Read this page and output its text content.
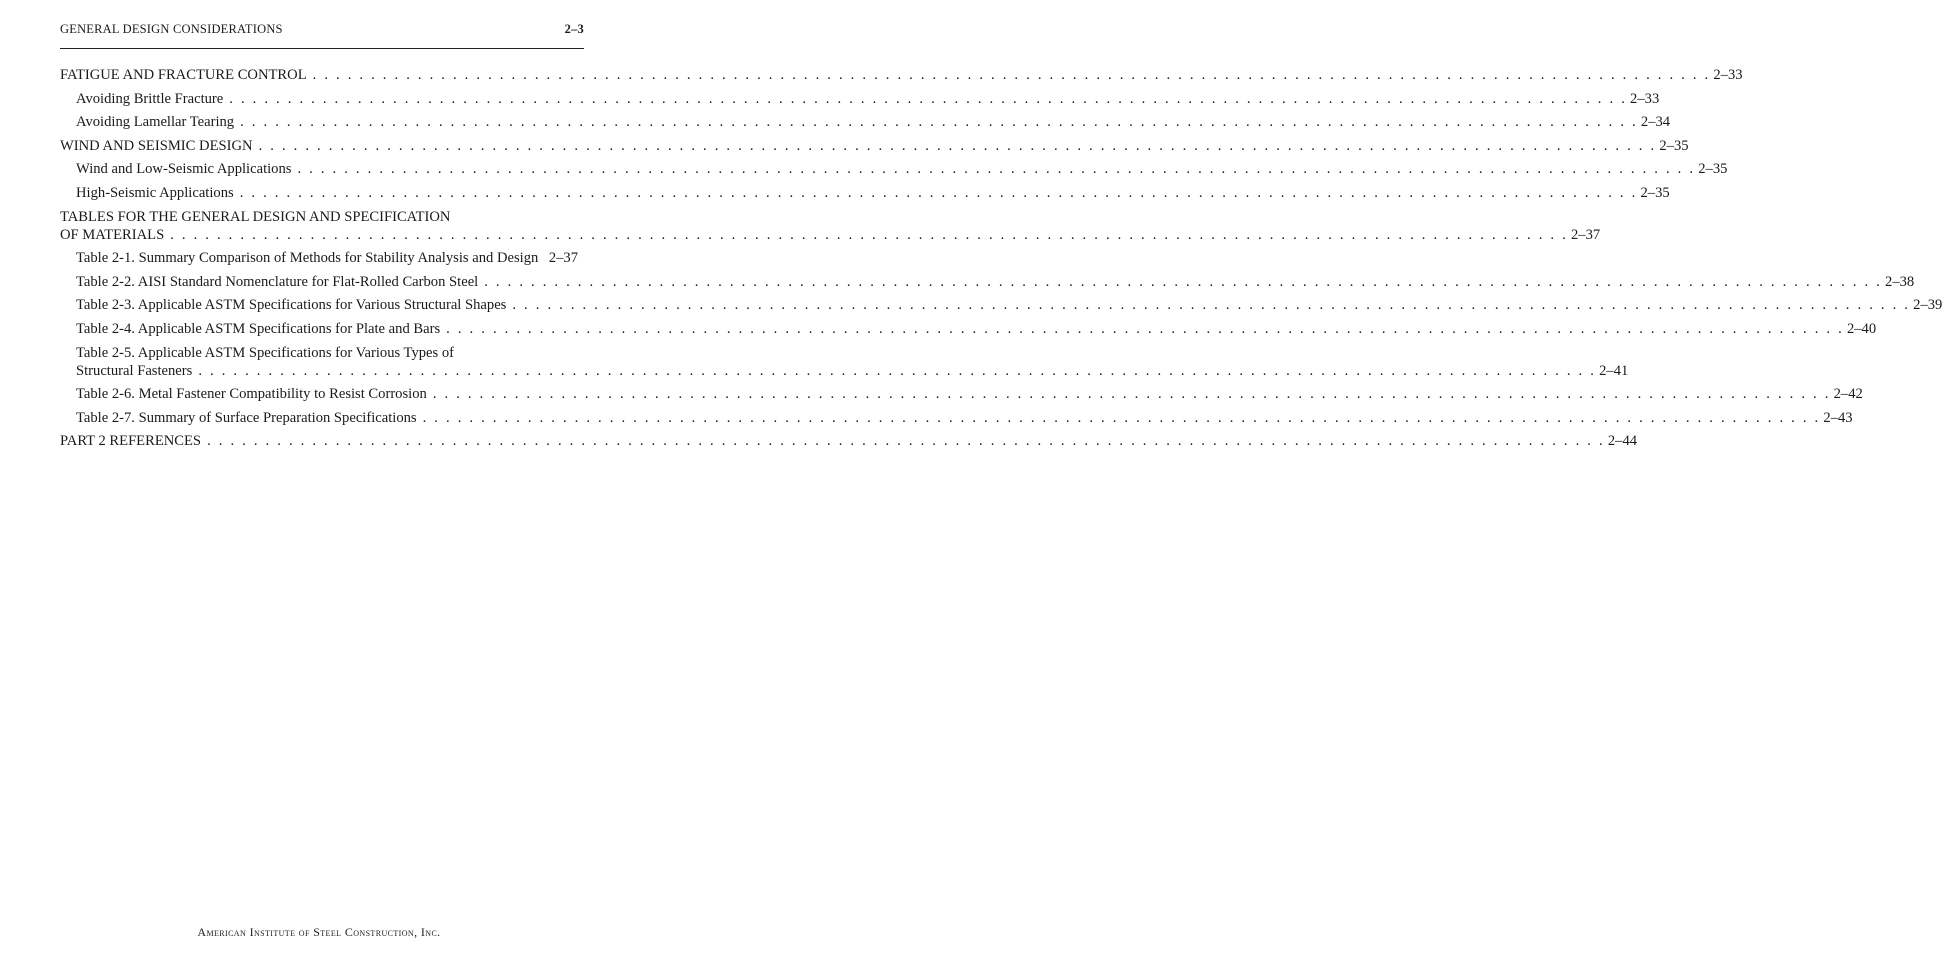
GENERAL DESIGN CONSIDERATIONS	2–3
FATIGUE AND FRACTURE CONTROL . . . . . . . . . . . . . . . . . . . . . . . . . . . . . . . . . . . . . . . . . . . . . . . . . . . . . . . . . . . . . . . . . . . . . . . . . . . . . . . . . . . . . . . . . . . . . . . . . . . . . . . . . . . . . . . . . . . . . . . . 2–33
Avoiding Brittle Fracture . . . . . . . . . . . . . . . . . . . . . . . . . . . . . . . . . . . . . . . . . . . . . . . . . . . . . . . . . . . . . . . . . . . . . . . . . . . . . . . . . . . . . . . . . . . . . . . . . . . . . . . . . . . . . . . . . . . . . . . . 2–33
Avoiding Lamellar Tearing . . . . . . . . . . . . . . . . . . . . . . . . . . . . . . . . . . . . . . . . . . . . . . . . . . . . . . . . . . . . . . . . . . . . . . . . . . . . . . . . . . . . . . . . . . . . . . . . . . . . . . . . . . . . . . . . . . . . . . . . 2–34
WIND AND SEISMIC DESIGN . . . . . . . . . . . . . . . . . . . . . . . . . . . . . . . . . . . . . . . . . . . . . . . . . . . . . . . . . . . . . . . . . . . . . . . . . . . . . . . . . . . . . . . . . . . . . . . . . . . . . . . . . . . . . . . . . . . . . . . . 2–35
Wind and Low-Seismic Applications . . . . . . . . . . . . . . . . . . . . . . . . . . . . . . . . . . . . . . . . . . . . . . . . . . . . . . . . . . . . . . . . . . . . . . . . . . . . . . . . . . . . . . . . . . . . . . . . . . . . . . . . . . . . . . . . . . . . . . . . 2–35
High-Seismic Applications . . . . . . . . . . . . . . . . . . . . . . . . . . . . . . . . . . . . . . . . . . . . . . . . . . . . . . . . . . . . . . . . . . . . . . . . . . . . . . . . . . . . . . . . . . . . . . . . . . . . . . . . . . . . . . . . . . . . . . . . 2–35
TABLES FOR THE GENERAL DESIGN AND SPECIFICATION
OF MATERIALS . . . . . . . . . . . . . . . . . . . . . . . . . . . . . . . . . . . . . . . . . . . . . . . . . . . . . . . . . . . . . . . . . . . . . . . . . . . . . . . . . . . . . . . . . . . . . . . . . . . . . . . . . . . . . . . . . . . . . . . . 2–37
Table 2-1. Summary Comparison of Methods for Stability Analysis and Design 2–37
Table 2-2. AISI Standard Nomenclature for Flat-Rolled Carbon Steel . . . . . . . . . . . . . . . . . . . . . . . . . . . . . . . . . . . . . . . . . . . . . . . . . . . . . . . . . . . . . . . . . . . . . . . . . . . . . . . . . . . . . . . . . . . . . . . . . . . . . . . . . . . . . . . . . . . . . . . . 2–38
Table 2-3. Applicable ASTM Specifications for Various Structural Shapes . . . . . . . . . . . . . . . . . . . . . . . . . . . . . . . . . . . . . . . . . . . . . . . . . . . . . . . . . . . . . . . . . . . . . . . . . . . . . . . . . . . . . . . . . . . . . . . . . . . . . . . . . . . . . . . . . . . . . . . . 2–39
Table 2-4. Applicable ASTM Specifications for Plate and Bars . . . . . . . . . . . . . . . . . . . . . . . . . . . . . . . . . . . . . . . . . . . . . . . . . . . . . . . . . . . . . . . . . . . . . . . . . . . . . . . . . . . . . . . . . . . . . . . . . . . . . . . . . . . . . . . . . . . . . . . . 2–40
Table 2-5. Applicable ASTM Specifications for Various Types of
Structural Fasteners . . . . . . . . . . . . . . . . . . . . . . . . . . . . . . . . . . . . . . . . . . . . . . . . . . . . . . . . . . . . . . . . . . . . . . . . . . . . . . . . . . . . . . . . . . . . . . . . . . . . . . . . . . . . . . . . . . . . . . . . 2–41
Table 2-6. Metal Fastener Compatibility to Resist Corrosion . . . . . . . . . . . . . . . . . . . . . . . . . . . . . . . . . . . . . . . . . . . . . . . . . . . . . . . . . . . . . . . . . . . . . . . . . . . . . . . . . . . . . . . . . . . . . . . . . . . . . . . . . . . . . . . . . . . . . . . . 2–42
Table 2-7. Summary of Surface Preparation Specifications . . . . . . . . . . . . . . . . . . . . . . . . . . . . . . . . . . . . . . . . . . . . . . . . . . . . . . . . . . . . . . . . . . . . . . . . . . . . . . . . . . . . . . . . . . . . . . . . . . . . . . . . . . . . . . . . . . . . . . . . 2–43
PART 2 REFERENCES . . . . . . . . . . . . . . . . . . . . . . . . . . . . . . . . . . . . . . . . . . . . . . . . . . . . . . . . . . . . . . . . . . . . . . . . . . . . . . . . . . . . . . . . . . . . . . . . . . . . . . . . . . . . . . . . . . . . . . . . 2–44
American Institute of Steel Construction, Inc.
